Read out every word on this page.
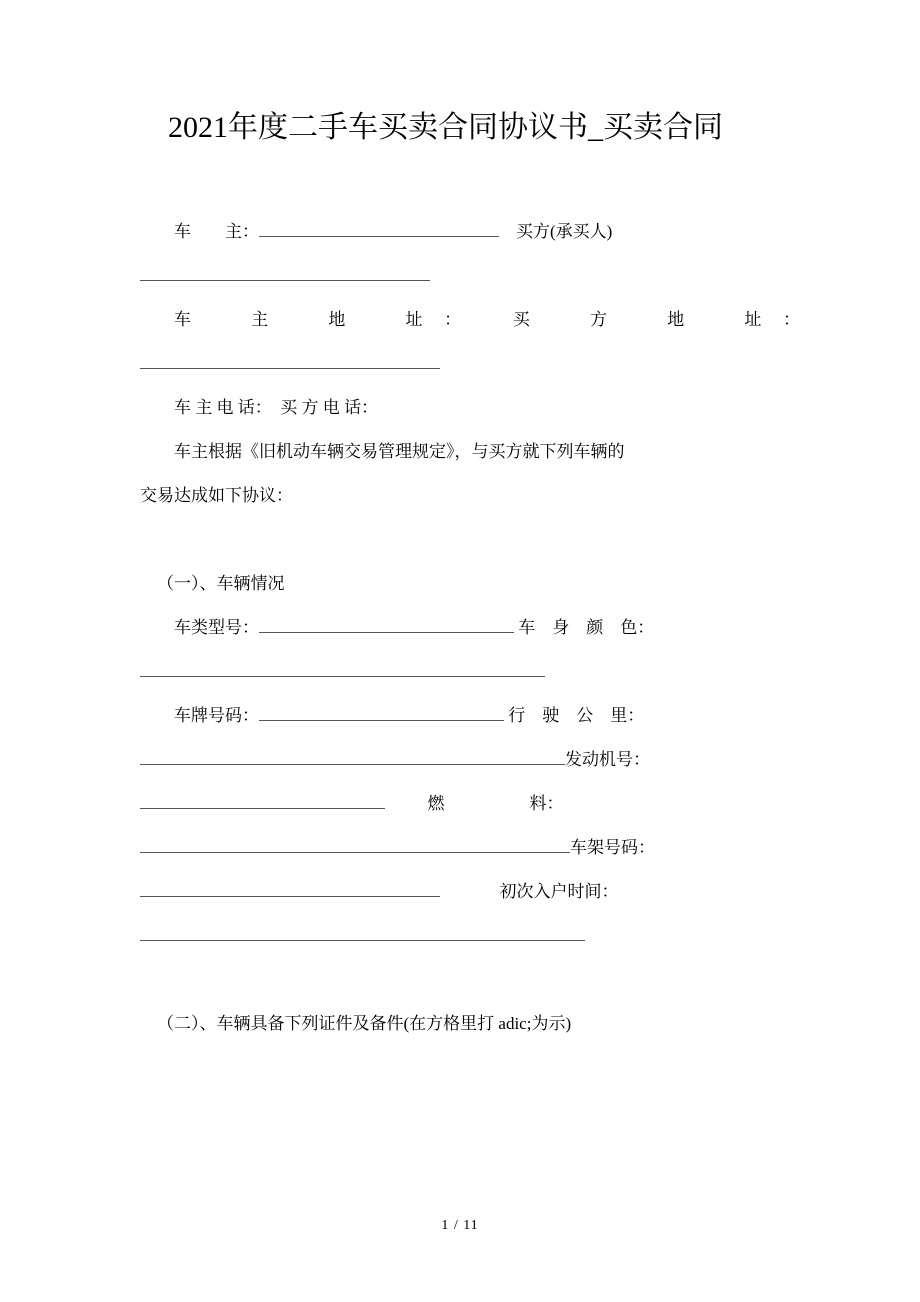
2021年度二手车买卖合同协议书_买卖合同

车　　主：	买方(承买人)

车　主　地　址：　买　方　地　址：

车 主 电 话：　买 方 电 话：

车主根据《旧机动车辆交易管理规定》，与买方就下列车辆的

交易达成如下协议：

（一）、车辆情况

车类型号：	车　身　颜　色：

车牌号码：	行　驶　公　里：

发动机号：

燃　　　　　料：

车架号码：

初次入户时间：

（二）、车辆具备下列证件及备件(在方格里打 adic;为示)

1 / 11
